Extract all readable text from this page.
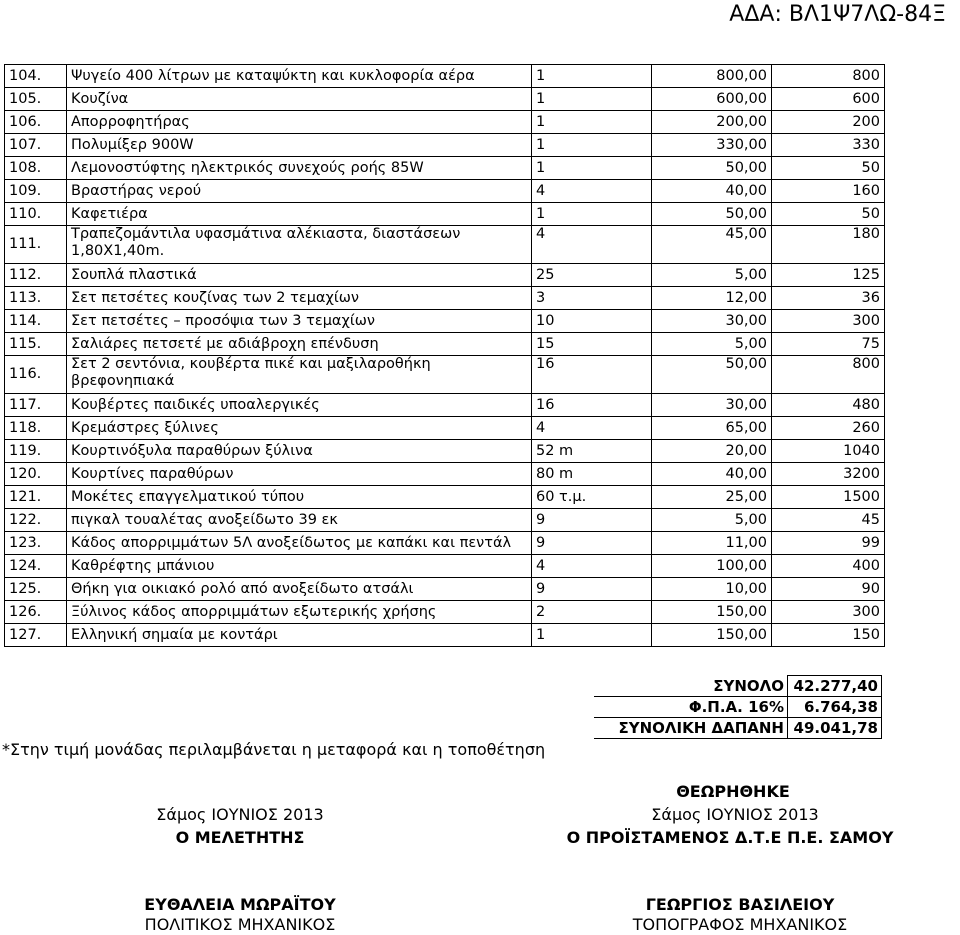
ΑΔΑ: ΒΛ1Ψ7ΛΩ-84Ξ
104.	Ψυγείο 400 λίτρων με καταψύκτη και κυκλοφορία αέρα	1	800,00	800
105.	Κουζίνα	1	600,00	600
106.	Απορροφητήρας	1	200,00	200
107.	Πολυμίξερ 900W	1	330,00	330
108.	Λεμονοστύφτης ηλεκτρικός συνεχούς ροής 85W	1	50,00	50
109.	Βραστήρας νερού	4	40,00	160
110.	Καφετιέρα	1	50,00	50
111.	Τραπεζομάντιλα υφασμάτινα αλέκιαστα, διαστάσεων 1,80Χ1,40m.	4	45,00	180
112.	Σουπλά πλαστικά	25	5,00	125
113.	Σετ πετσέτες κουζίνας των 2 τεμαχίων	3	12,00	36
114.	Σετ πετσέτες – προσόψια των 3 τεμαχίων	10	30,00	300
115.	Σαλιάρες πετσετέ με αδιάβροχη επένδυση	15	5,00	75
116.	Σετ 2 σεντόνια, κουβέρτα πικέ και μαξιλαροθήκη βρεφονηπιακά	16	50,00	800
117.	Κουβέρτες παιδικές υποαλεργικές	16	30,00	480
118.	Κρεμάστρες ξύλινες	4	65,00	260
119.	Κουρτινόξυλα παραθύρων ξύλινα	52 m	20,00	1040
120.	Κουρτίνες παραθύρων	80 m	40,00	3200
121.	Μοκέτες επαγγελματικού τύπου	60 τ.μ.	25,00	1500
122.	πιγκαλ τουαλέτας ανοξείδωτο 39 εκ	9	5,00	45
123.	Κάδος απορριμμάτων 5Λ ανοξείδωτος με καπάκι και πεντάλ	9	11,00	99
124.	Καθρέφτης μπάνιου	4	100,00	400
125.	Θήκη για οικιακό ρολό από ανοξείδωτο ατσάλι	9	10,00	90
126.	Ξύλινος κάδος απορριμμάτων εξωτερικής χρήσης	2	150,00	300
127.	Ελληνική σημαία με κοντάρι	1	150,00	150
ΣΥΝΟΛΟ	42.277,40
Φ.Π.Α. 16%	6.764,38
ΣΥΝΟΛΙΚΗ ΔΑΠΑΝΗ	49.041,78
*Στην τιμή μονάδας περιλαμβάνεται η μεταφορά και η τοποθέτηση
ΘΕΩΡΗΘΗΚΕ
Σάμος ΙΟΥΝΙΟΣ 2013
Ο ΜΕΛΕΤΗΤΗΣ
ΕΥΘΑΛΕΙΑ ΜΩΡΑΪΤΟΥ
ΠΟΛΙΤΙΚΟΣ ΜΗΧΑΝΙΚΟΣ
Σάμος ΙΟΥΝΙΟΣ 2013
Ο ΠΡΟΪΣΤΑΜΕΝΟΣ Δ.Τ.Ε Π.Ε. ΣΑΜΟΥ
ΓΕΩΡΓΙΟΣ ΒΑΣΙΛΕΙΟΥ
ΤΟΠΟΓΡΑΦΟΣ ΜΗΧΑΝΙΚΟΣ
